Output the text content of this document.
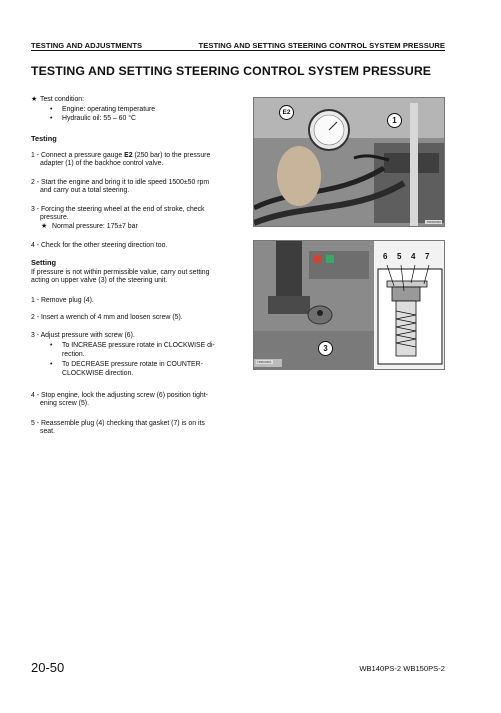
TESTING AND ADJUSTMENTS	TESTING AND SETTING STEERING CONTROL SYSTEM PRESSURE
TESTING AND SETTING STEERING CONTROL SYSTEM PRESSURE
★ Test condition:

• Engine: operating temperature
• Hydraulic oil: 55 – 60 °C
Testing

1 - Connect a pressure gauge E2 (250 bar) to the pressure

adapter (1) of the backhoe control valve.

2 - Start the engine and bring it to idle speed 1500±50 rpm

and carry out a total steering.

3 - Forcing the steering wheel at the end of stroke, check

pressure.

★ Normal pressure: 175±7 bar
4 - Check for the other steering direction too.
Setting

If pressure is not within permissible value, carry out setting

acting on upper valve (3) of the steering unit.

1 - Remove plug (4).
2 - Insert a wrench of 4 mm and loosen screw (5).

3 - Adjust pressure with screw (6).

• To INCREASE pressure rotate in CLOCKWISE di-

rection.

• To DECREASE pressure rotate in COUNTER-

CLOCKWISE direction.

4 - Stop engine, lock the adjusting screw (6) position tight-

ening screw (5).

5 - Reassemble plug (4) checking that gasket (7) is on its

seat.

E2
1
TRD00360
6 5 4 7
3
TRD00361
20-50	WB140PS-2 WB150PS-2
